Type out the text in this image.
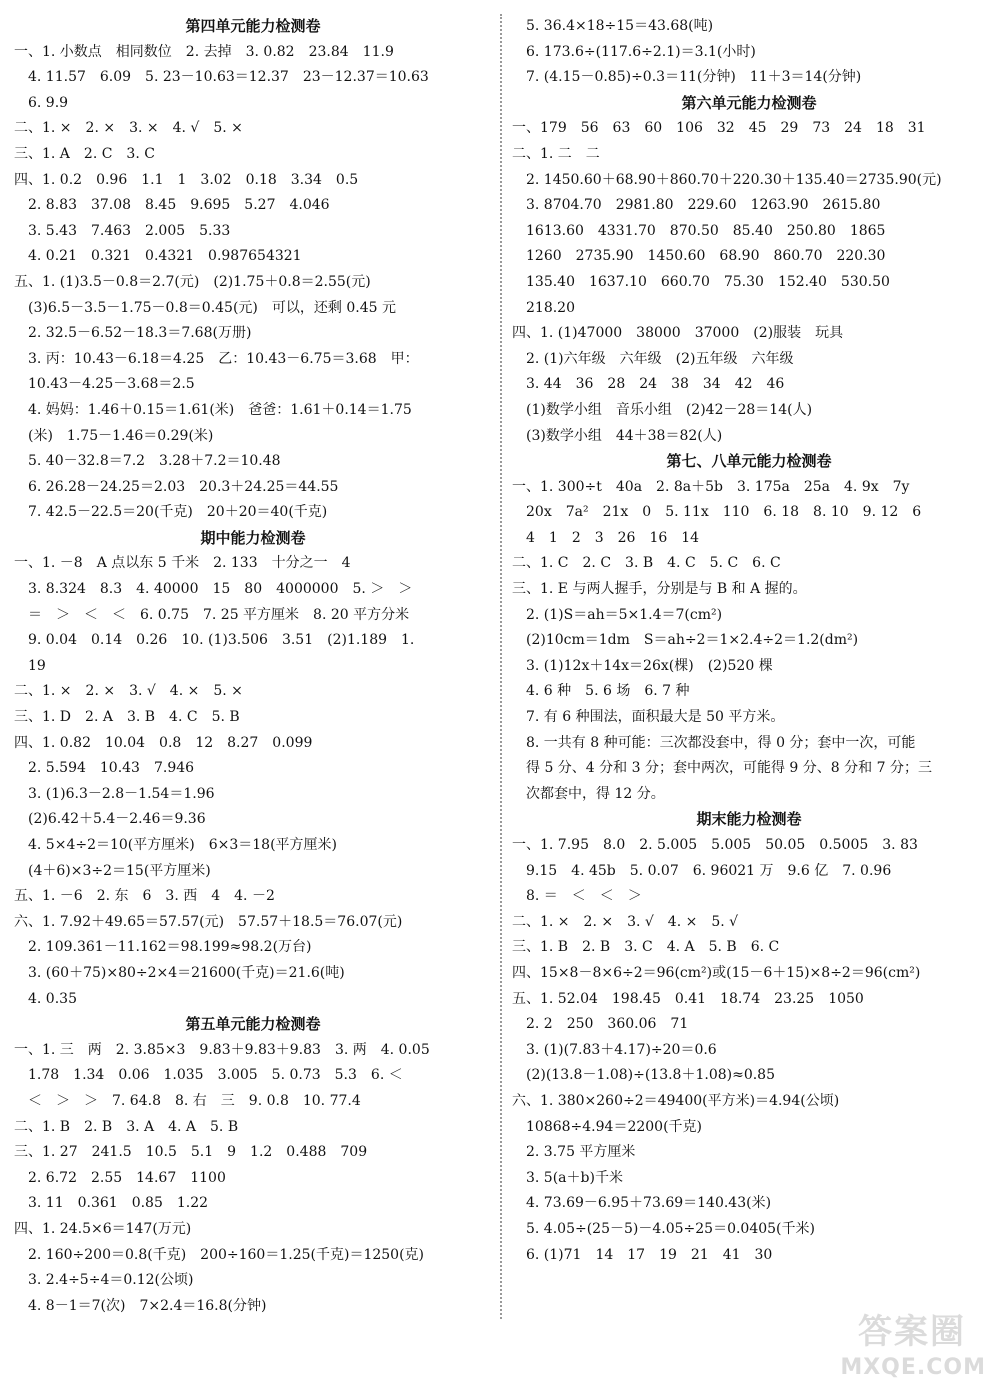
第四单元能力检测卷
一、1. 小数点　相同数位　2. 去掉　3. 0.82　23.84　11.9
　4. 11.57　6.09　5. 23－10.63＝12.37　23－12.37＝10.63
　6. 9.9
二、1. ×　2. ×　3. ×　4. √　5. ×
三、1. A　2. C　3. C
四、1. 0.2　0.96　1.1　1　3.02　0.18　3.34　0.5
　2. 8.83　37.08　8.45　9.695　5.27　4.046
　3. 5.43　7.463　2.005　5.33
　4. 0.21　0.321　0.4321　0.987654321
五、1. (1)3.5－0.8＝2.7(元)　(2)1.75＋0.8＝2.55(元)
　(3)6.5－3.5－1.75－0.8＝0.45(元)　可以，还剩 0.45 元
　2. 32.5－6.52－18.3＝7.68(万册)
　3. 丙：10.43－6.18＝4.25　乙：10.43－6.75＝3.68　甲：
　10.43－4.25－3.68＝2.5
　4. 妈妈：1.46＋0.15＝1.61(米)　爸爸：1.61＋0.14＝1.75
　(米)　1.75－1.46＝0.29(米)
　5. 40－32.8＝7.2　3.28＋7.2＝10.48
　6. 26.28－24.25＝2.03　20.3＋24.25＝44.55
　7. 42.5－22.5＝20(千克)　20＋20＝40(千克)
期中能力检测卷
一、1. －8　A 点以东 5 千米　2. 133　十分之一　4
　3. 8.324　8.3　4. 40000　15　80　4000000　5. ＞　＞
　＝　＞　＜　＜　6. 0.75　7. 25 平方厘米　8. 20 平方分米
　9. 0.04　0.14　0.26　10. (1)3.506　3.51　(2)1.189　1.
　19
二、1. ×　2. ×　3. √　4. ×　5. ×
三、1. D　2. A　3. B　4. C　5. B
四、1. 0.82　10.04　0.8　12　8.27　0.099
　2. 5.594　10.43　7.946
　3. (1)6.3－2.8－1.54＝1.96
　(2)6.42＋5.4－2.46＝9.36
　4. 5×4÷2＝10(平方厘米)　6×3＝18(平方厘米)
　(4＋6)×3÷2＝15(平方厘米)
五、1. －6　2. 东　6　3. 西　4　4. －2
六、1. 7.92＋49.65＝57.57(元)　57.57＋18.5＝76.07(元)
　2. 109.361－11.162＝98.199≈98.2(万台)
　3. (60＋75)×80÷2×4＝21600(千克)＝21.6(吨)
　4. 0.35
第五单元能力检测卷
一、1. 三　两　2. 3.85×3　9.83＋9.83＋9.83　3. 两　4. 0.05
　1.78　1.34　0.06　1.035　3.005　5. 0.73　5.3　6. ＜
　＜　＞　＞　7. 64.8　8. 右　三　9. 0.8　10. 77.4
二、1. B　2. B　3. A　4. A　5. B
三、1. 27　241.5　10.5　5.1　9　1.2　0.488　709
　2. 6.72　2.55　14.67　1100
　3. 11　0.361　0.85　1.22
四、1. 24.5×6＝147(万元)
　2. 160÷200＝0.8(千克)　200÷160＝1.25(千克)＝1250(克)
　3. 2.4÷5÷4＝0.12(公顷)
　4. 8－1＝7(次)　7×2.4＝16.8(分钟)
　5. 36.4×18÷15＝43.68(吨)
　6. 173.6÷(117.6÷2.1)＝3.1(小时)
　7. (4.15－0.85)÷0.3＝11(分钟)　11＋3＝14(分钟)
第六单元能力检测卷
一、179　56　63　60　106　32　45　29　73　24　18　31
二、1. 二　二
　2. 1450.60＋68.90＋860.70＋220.30＋135.40＝2735.90(元)
　3. 8704.70　2981.80　229.60　1263.90　2615.80
　1613.60　4331.70　870.50　85.40　250.80　1865
　1260　2735.90　1450.60　68.90　860.70　220.30
　135.40　1637.10　660.70　75.30　152.40　530.50
　218.20
四、1. (1)47000　38000　37000　(2)服装　玩具
　2. (1)六年级　六年级　(2)五年级　六年级
　3. 44　36　28　24　38　34　42　46
　(1)数学小组　音乐小组　(2)42－28＝14(人)
　(3)数学小组　44＋38＝82(人)
第七、八单元能力检测卷
一、1. 300÷t　40a　2. 8a＋5b　3. 175a　25a　4. 9x　7y
　20x　7a²　21x　0　5. 11x　110　6. 18　8. 10　9. 12　6
　4　1　2　3　26　16　14
二、1. C　2. C　3. B　4. C　5. C　6. C
三、1. E 与两人握手，分别是与 B 和 A 握的。
　2. (1)S＝ah＝5×1.4＝7(cm²)
　(2)10cm＝1dm　S＝ah÷2＝1×2.4÷2＝1.2(dm²)
　3. (1)12x＋14x＝26x(棵)　(2)520 棵
　4. 6 种　5. 6 场　6. 7 种
　7. 有 6 种围法，面积最大是 50 平方米。
　8. 一共有 8 种可能：三次都没套中，得 0 分；套中一次，可能
　得 5 分、4 分和 3 分；套中两次，可能得 9 分、8 分和 7 分；三
　次都套中，得 12 分。
期末能力检测卷
一、1. 7.95　8.0　2. 5.005　5.005　50.05　0.5005　3. 83
　9.15　4. 45b　5. 0.07　6. 96021 万　9.6 亿　7. 0.96
　8. ＝　＜　＜　＞
二、1. ×　2. ×　3. √　4. ×　5. √
三、1. B　2. B　3. C　4. A　5. B　6. C
四、15×8－8×6÷2＝96(cm²)或(15－6＋15)×8÷2＝96(cm²)
五、1. 52.04　198.45　0.41　18.74　23.25　1050
　2. 2　250　360.06　71
　3. (1)(7.83＋4.17)÷20＝0.6
　(2)(13.8－1.08)÷(13.8＋1.08)≈0.85
六、1. 380×260÷2＝49400(平方米)＝4.94(公顷)
　10868÷4.94＝2200(千克)
　2. 3.75 平方厘米
　3. 5(a＋b)千米
　4. 73.69－6.95＋73.69＝140.43(米)
　5. 4.05÷(25－5)－4.05÷25＝0.0405(千米)
　6. (1)71　14　17　19　21　41　30
答案圈
MXQE.COM
